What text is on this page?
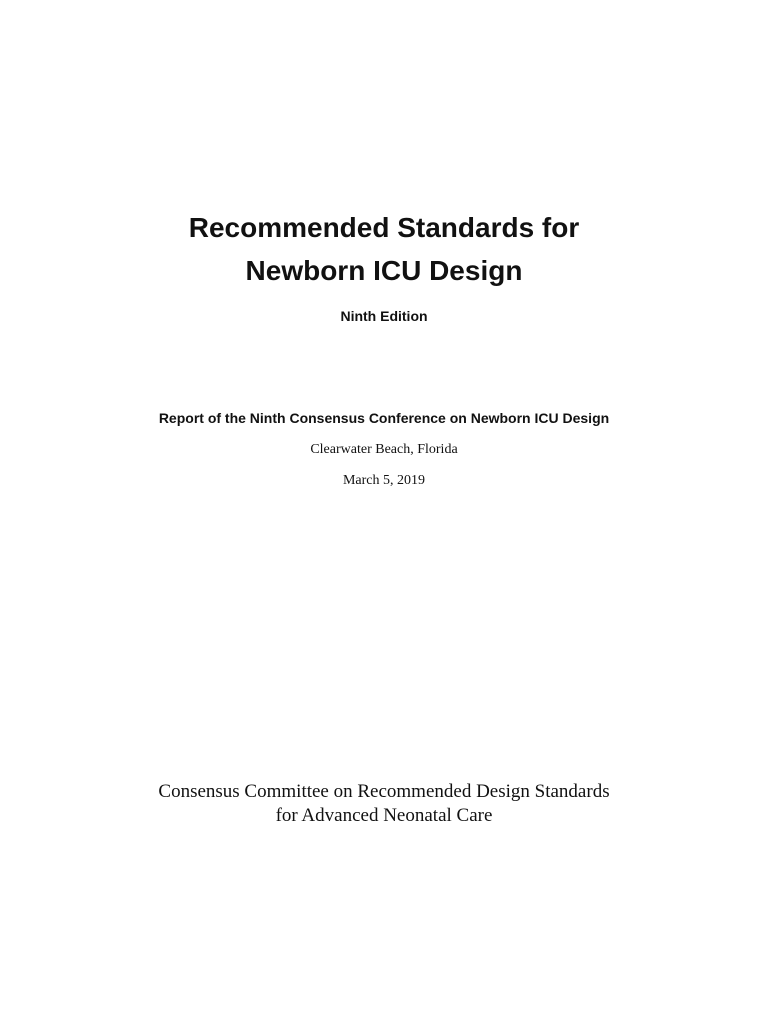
Recommended Standards for
Newborn ICU Design
Ninth Edition
Report of the Ninth Consensus Conference on Newborn ICU Design
Clearwater Beach, Florida
March 5, 2019
Consensus Committee on Recommended Design Standards
for Advanced Neonatal Care
